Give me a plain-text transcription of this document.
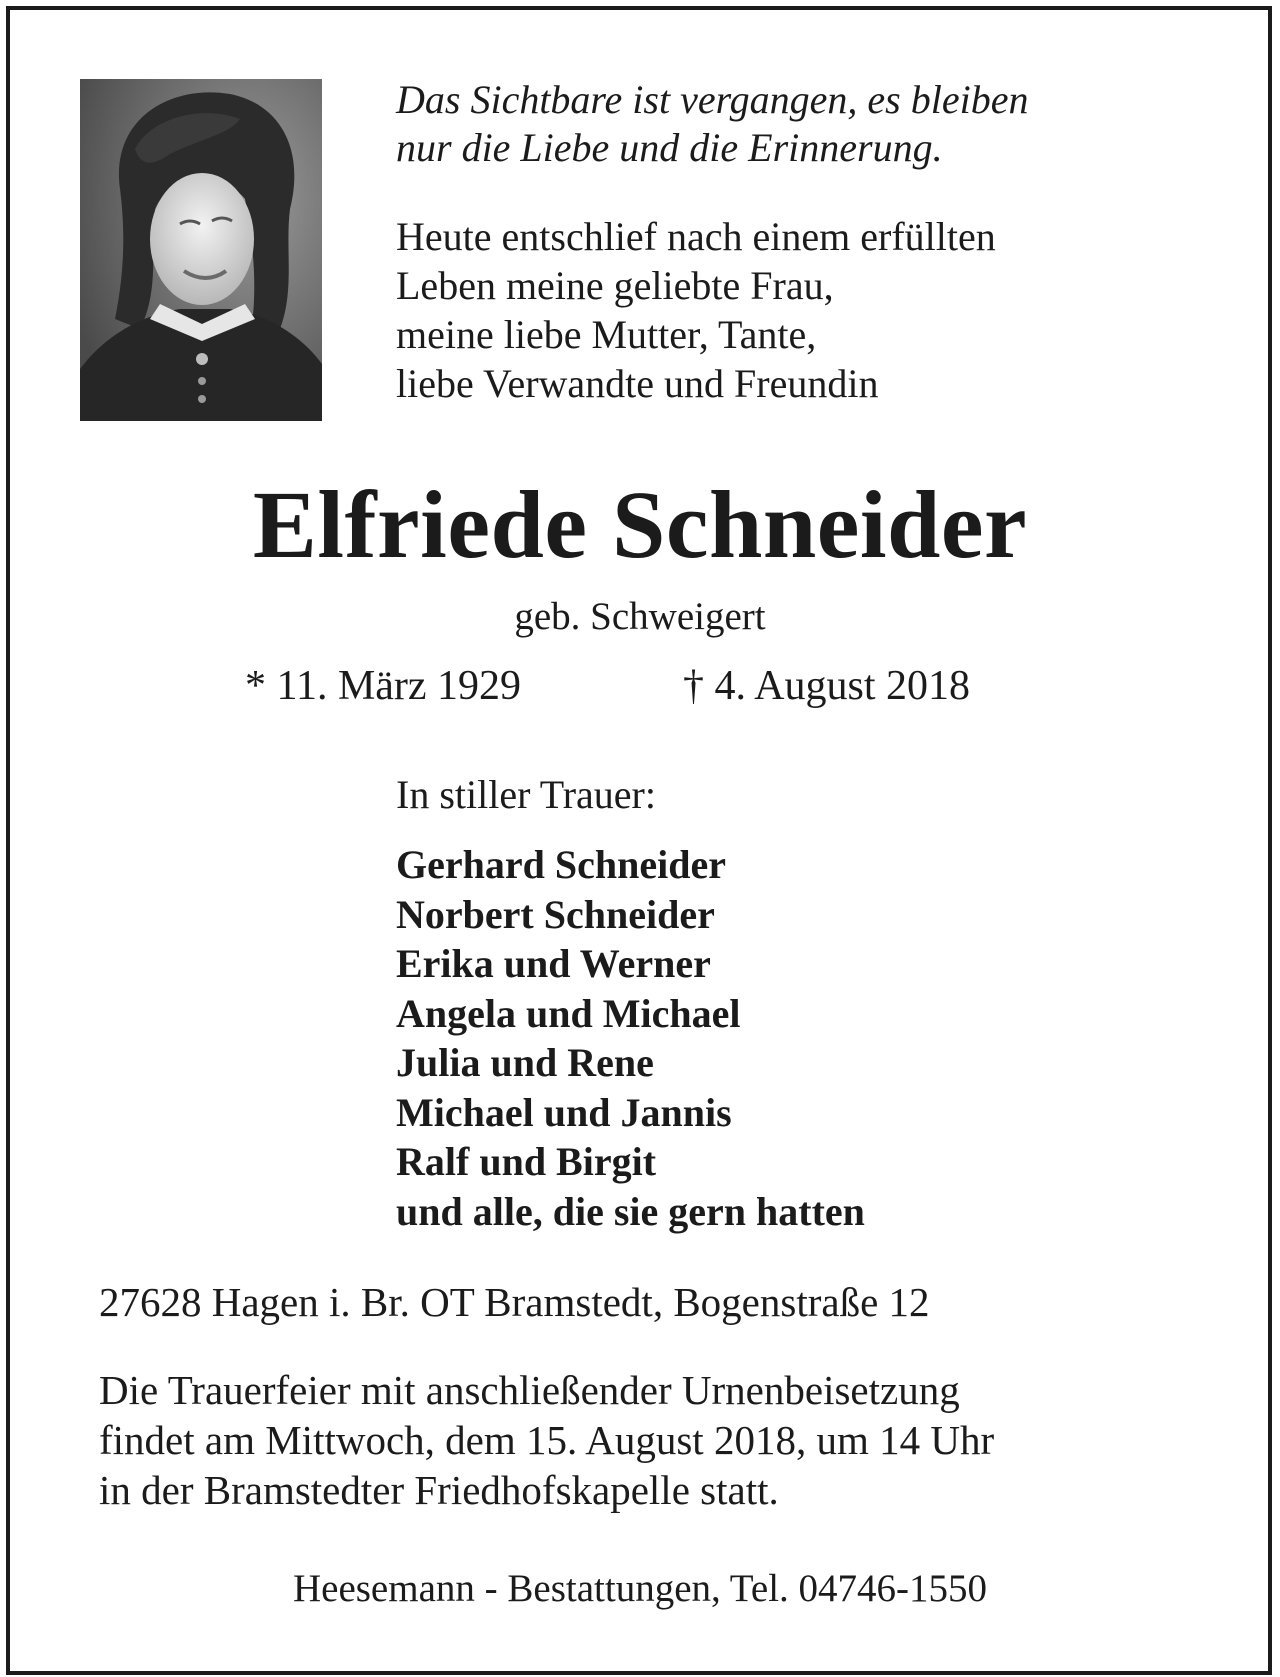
Das Sichtbare ist vergangen, es bleiben
nur die Liebe und die Erinnerung.

Heute entschlief nach einem erfüllten
Leben meine geliebte Frau,
meine liebe Mutter, Tante,
liebe Verwandte und Freundin

Elfriede Schneider

geb. Schweigert

* 11. März 1929	† 4. August 2018

In stiller Trauer:

Gerhard Schneider
Norbert Schneider
Erika und Werner
Angela und Michael
Julia und Rene
Michael und Jannis
Ralf und Birgit
und alle, die sie gern hatten

27628 Hagen i. Br. OT Bramstedt, Bogenstraße 12

Die Trauerfeier mit anschließender Urnenbeisetzung
findet am Mittwoch, dem 15. August 2018, um 14 Uhr
in der Bramstedter Friedhofskapelle statt.

Heesemann - Bestattungen, Tel. 04746-1550
